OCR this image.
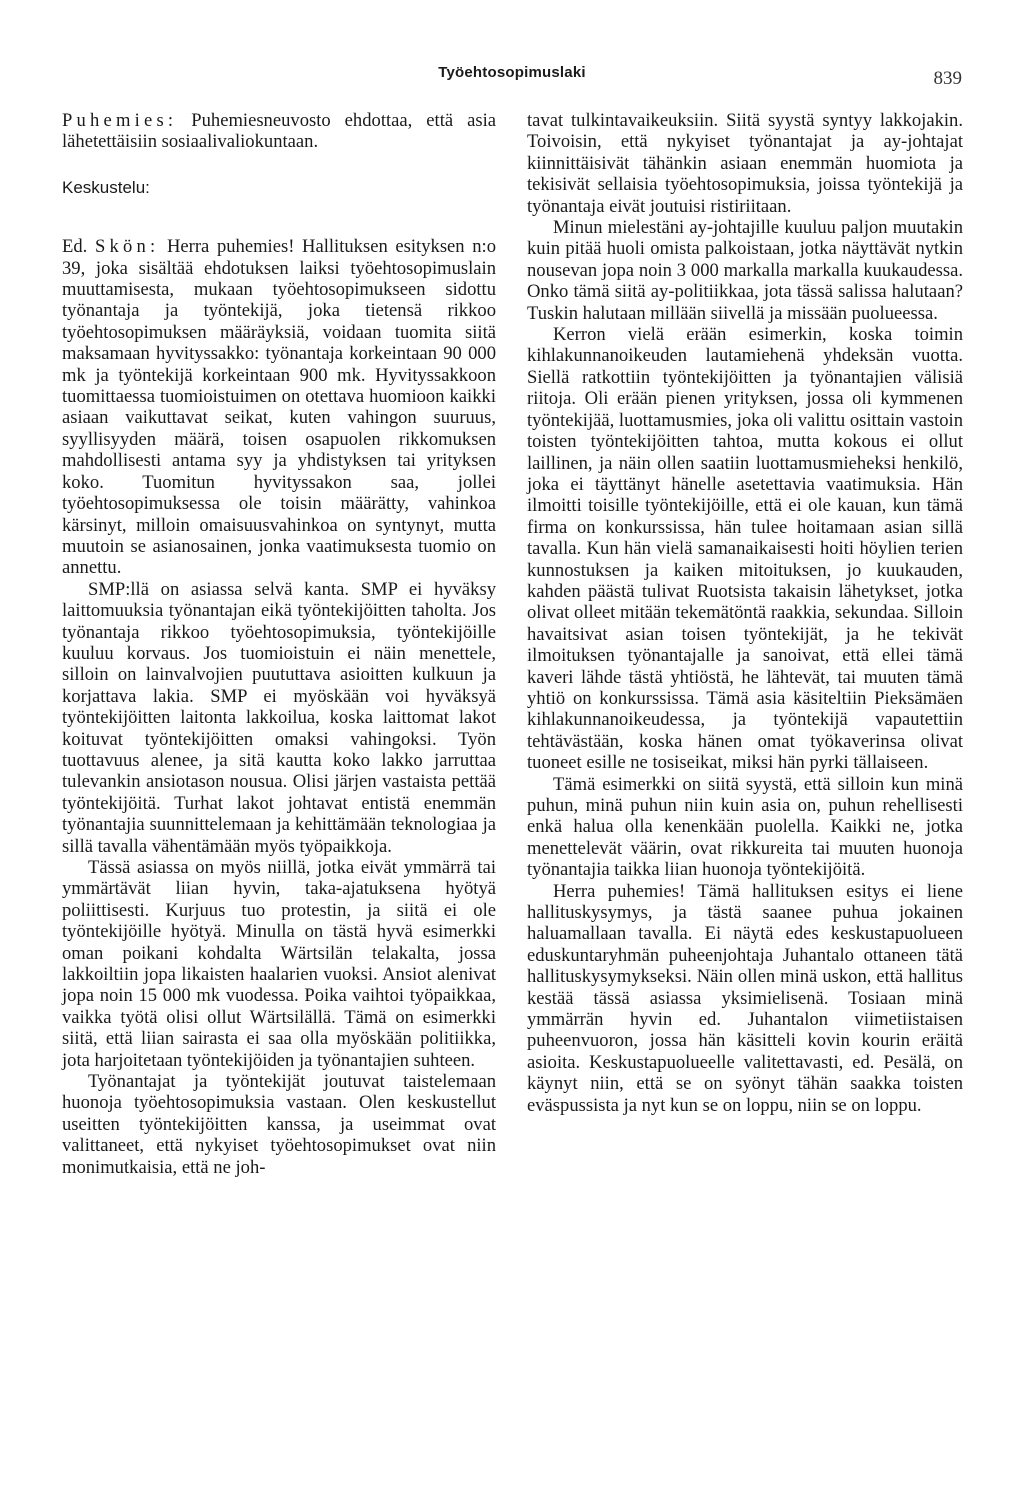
Työehtosopimuslaki	839

Puhemies: Puhemiesneuvosto ehdottaa, että asia lähetettäisiin sosiaalivaliokuntaan.

Keskustelu:

Ed. Skön: Herra puhemies! Hallituksen esityksen n:o 39, joka sisältää ehdotuksen laiksi työehtosopimuslain muuttamisesta, mukaan työehtosopimukseen sidottu työnantaja ja työntekijä, joka tietensä rikkoo työehtosopimuksen määräyksiä, voidaan tuomita siitä maksamaan hyvityssakko: työnantaja korkeintaan 90 000 mk ja työntekijä korkeintaan 900 mk. Hyvityssakkoon tuomittaessa tuomioistuimen on otettava huomioon kaikki asiaan vaikuttavat seikat, kuten vahingon suuruus, syyllisyyden määrä, toisen osapuolen rikkomuksen mahdollisesti antama syy ja yhdistyksen tai yrityksen koko. Tuomitun hyvityssakon saa, jollei työehtosopimuksessa ole toisin määrätty, vahinkoa kärsinyt, milloin omaisuusvahinkoa on syntynyt, mutta muutoin se asianosainen, jonka vaatimuksesta tuomio on annettu.

SMP:llä on asiassa selvä kanta. SMP ei hyväksy laittomuuksia työnantajan eikä työntekijöitten taholta. Jos työnantaja rikkoo työehtosopimuksia, työntekijöille kuuluu korvaus. Jos tuomioistuin ei näin menettele, silloin on lainvalvojien puututtava asioitten kulkuun ja korjattava lakia. SMP ei myöskään voi hyväksyä työntekijöitten laitonta lakkoilua, koska laittomat lakot koituvat työntekijöitten omaksi vahingoksi. Työn tuottavuus alenee, ja sitä kautta koko lakko jarruttaa tulevankin ansiotason nousua. Olisi järjen vastaista pettää työntekijöitä. Turhat lakot johtavat entistä enemmän työnantajia suunnittelemaan ja kehittämään teknologiaa ja sillä tavalla vähentämään myös työpaikkoja.

Tässä asiassa on myös niillä, jotka eivät ymmärrä tai ymmärtävät liian hyvin, taka-ajatuksena hyötyä poliittisesti. Kurjuus tuo protestin, ja siitä ei ole työntekijöille hyötyä. Minulla on tästä hyvä esimerkki oman poikani kohdalta Wärtsilän telakalta, jossa lakkoiltiin jopa likaisten haalarien vuoksi. Ansiot alenivat jopa noin 15 000 mk vuodessa. Poika vaihtoi työpaikkaa, vaikka työtä olisi ollut Wärtsilällä. Tämä on esimerkki siitä, että liian sairasta ei saa olla myöskään politiikka, jota harjoitetaan työntekijöiden ja työnantajien suhteen.

Työnantajat ja työntekijät joutuvat taistelemaan huonoja työehtosopimuksia vastaan. Olen keskustellut useitten työntekijöitten kanssa, ja useimmat ovat valittaneet, että nykyiset työehtosopimukset ovat niin monimutkaisia, että ne joh-

tavat tulkintavaikeuksiin. Siitä syystä syntyy lakkojakin. Toivoisin, että nykyiset työnantajat ja ay-johtajat kiinnittäisivät tähänkin asiaan enemmän huomiota ja tekisivät sellaisia työehtosopimuksia, joissa työntekijä ja työnantaja eivät joutuisi ristiriitaan.

Minun mielestäni ay-johtajille kuuluu paljon muutakin kuin pitää huoli omista palkoistaan, jotka näyttävät nytkin nousevan jopa noin 3 000 markalla markalla kuukaudessa. Onko tämä siitä ay-politiikkaa, jota tässä salissa halutaan? Tuskin halutaan millään siivellä ja missään puolueessa.

Kerron vielä erään esimerkin, koska toimin kihlakunnanoikeuden lautamiehenä yhdeksän vuotta. Siellä ratkottiin työntekijöitten ja työnantajien välisiä riitoja. Oli erään pienen yrityksen, jossa oli kymmenen työntekijää, luottamusmies, joka oli valittu osittain vastoin toisten työntekijöitten tahtoa, mutta kokous ei ollut laillinen, ja näin ollen saatiin luottamusmieheksi henkilö, joka ei täyttänyt hänelle asetettavia vaatimuksia. Hän ilmoitti toisille työntekijöille, että ei ole kauan, kun tämä firma on konkurssissa, hän tulee hoitamaan asian sillä tavalla. Kun hän vielä samanaikaisesti hoiti höylien terien kunnostuksen ja kaiken mitoituksen, jo kuukauden, kahden päästä tulivat Ruotsista takaisin lähetykset, jotka olivat olleet mitään tekemätöntä raakkia, sekundaa. Silloin havaitsivat asian toisen työntekijät, ja he tekivät ilmoituksen työnantajalle ja sanoivat, että ellei tämä kaveri lähde tästä yhtiöstä, he lähtevät, tai muuten tämä yhtiö on konkurssissa. Tämä asia käsiteltiin Pieksämäen kihlakunnanoikeudessa, ja työntekijä vapautettiin tehtävästään, koska hänen omat työkaverinsa olivat tuoneet esille ne tosiseikat, miksi hän pyrki tällaiseen.

Tämä esimerkki on siitä syystä, että silloin kun minä puhun, minä puhun niin kuin asia on, puhun rehellisesti enkä halua olla kenenkään puolella. Kaikki ne, jotka menettelevät väärin, ovat rikkureita tai muuten huonoja työnantajia taikka liian huonoja työntekijöitä.

Herra puhemies! Tämä hallituksen esitys ei liene hallituskysymys, ja tästä saanee puhua jokainen haluamallaan tavalla. Ei näytä edes keskustapuolueen eduskuntaryhmän puheenjohtaja Juhantalo ottaneen tätä hallituskysymykseksi. Näin ollen minä uskon, että hallitus kestää tässä asiassa yksimielisenä. Tosiaan minä ymmärrän hyvin ed. Juhantalon viimetiistaisen puheenvuoron, jossa hän käsitteli kovin kourin eräitä asioita. Keskustapuolueelle valitettavasti, ed. Pesälä, on käynyt niin, että se on syönyt tähän saakka toisten eväspussista ja nyt kun se on loppu, niin se on loppu.
